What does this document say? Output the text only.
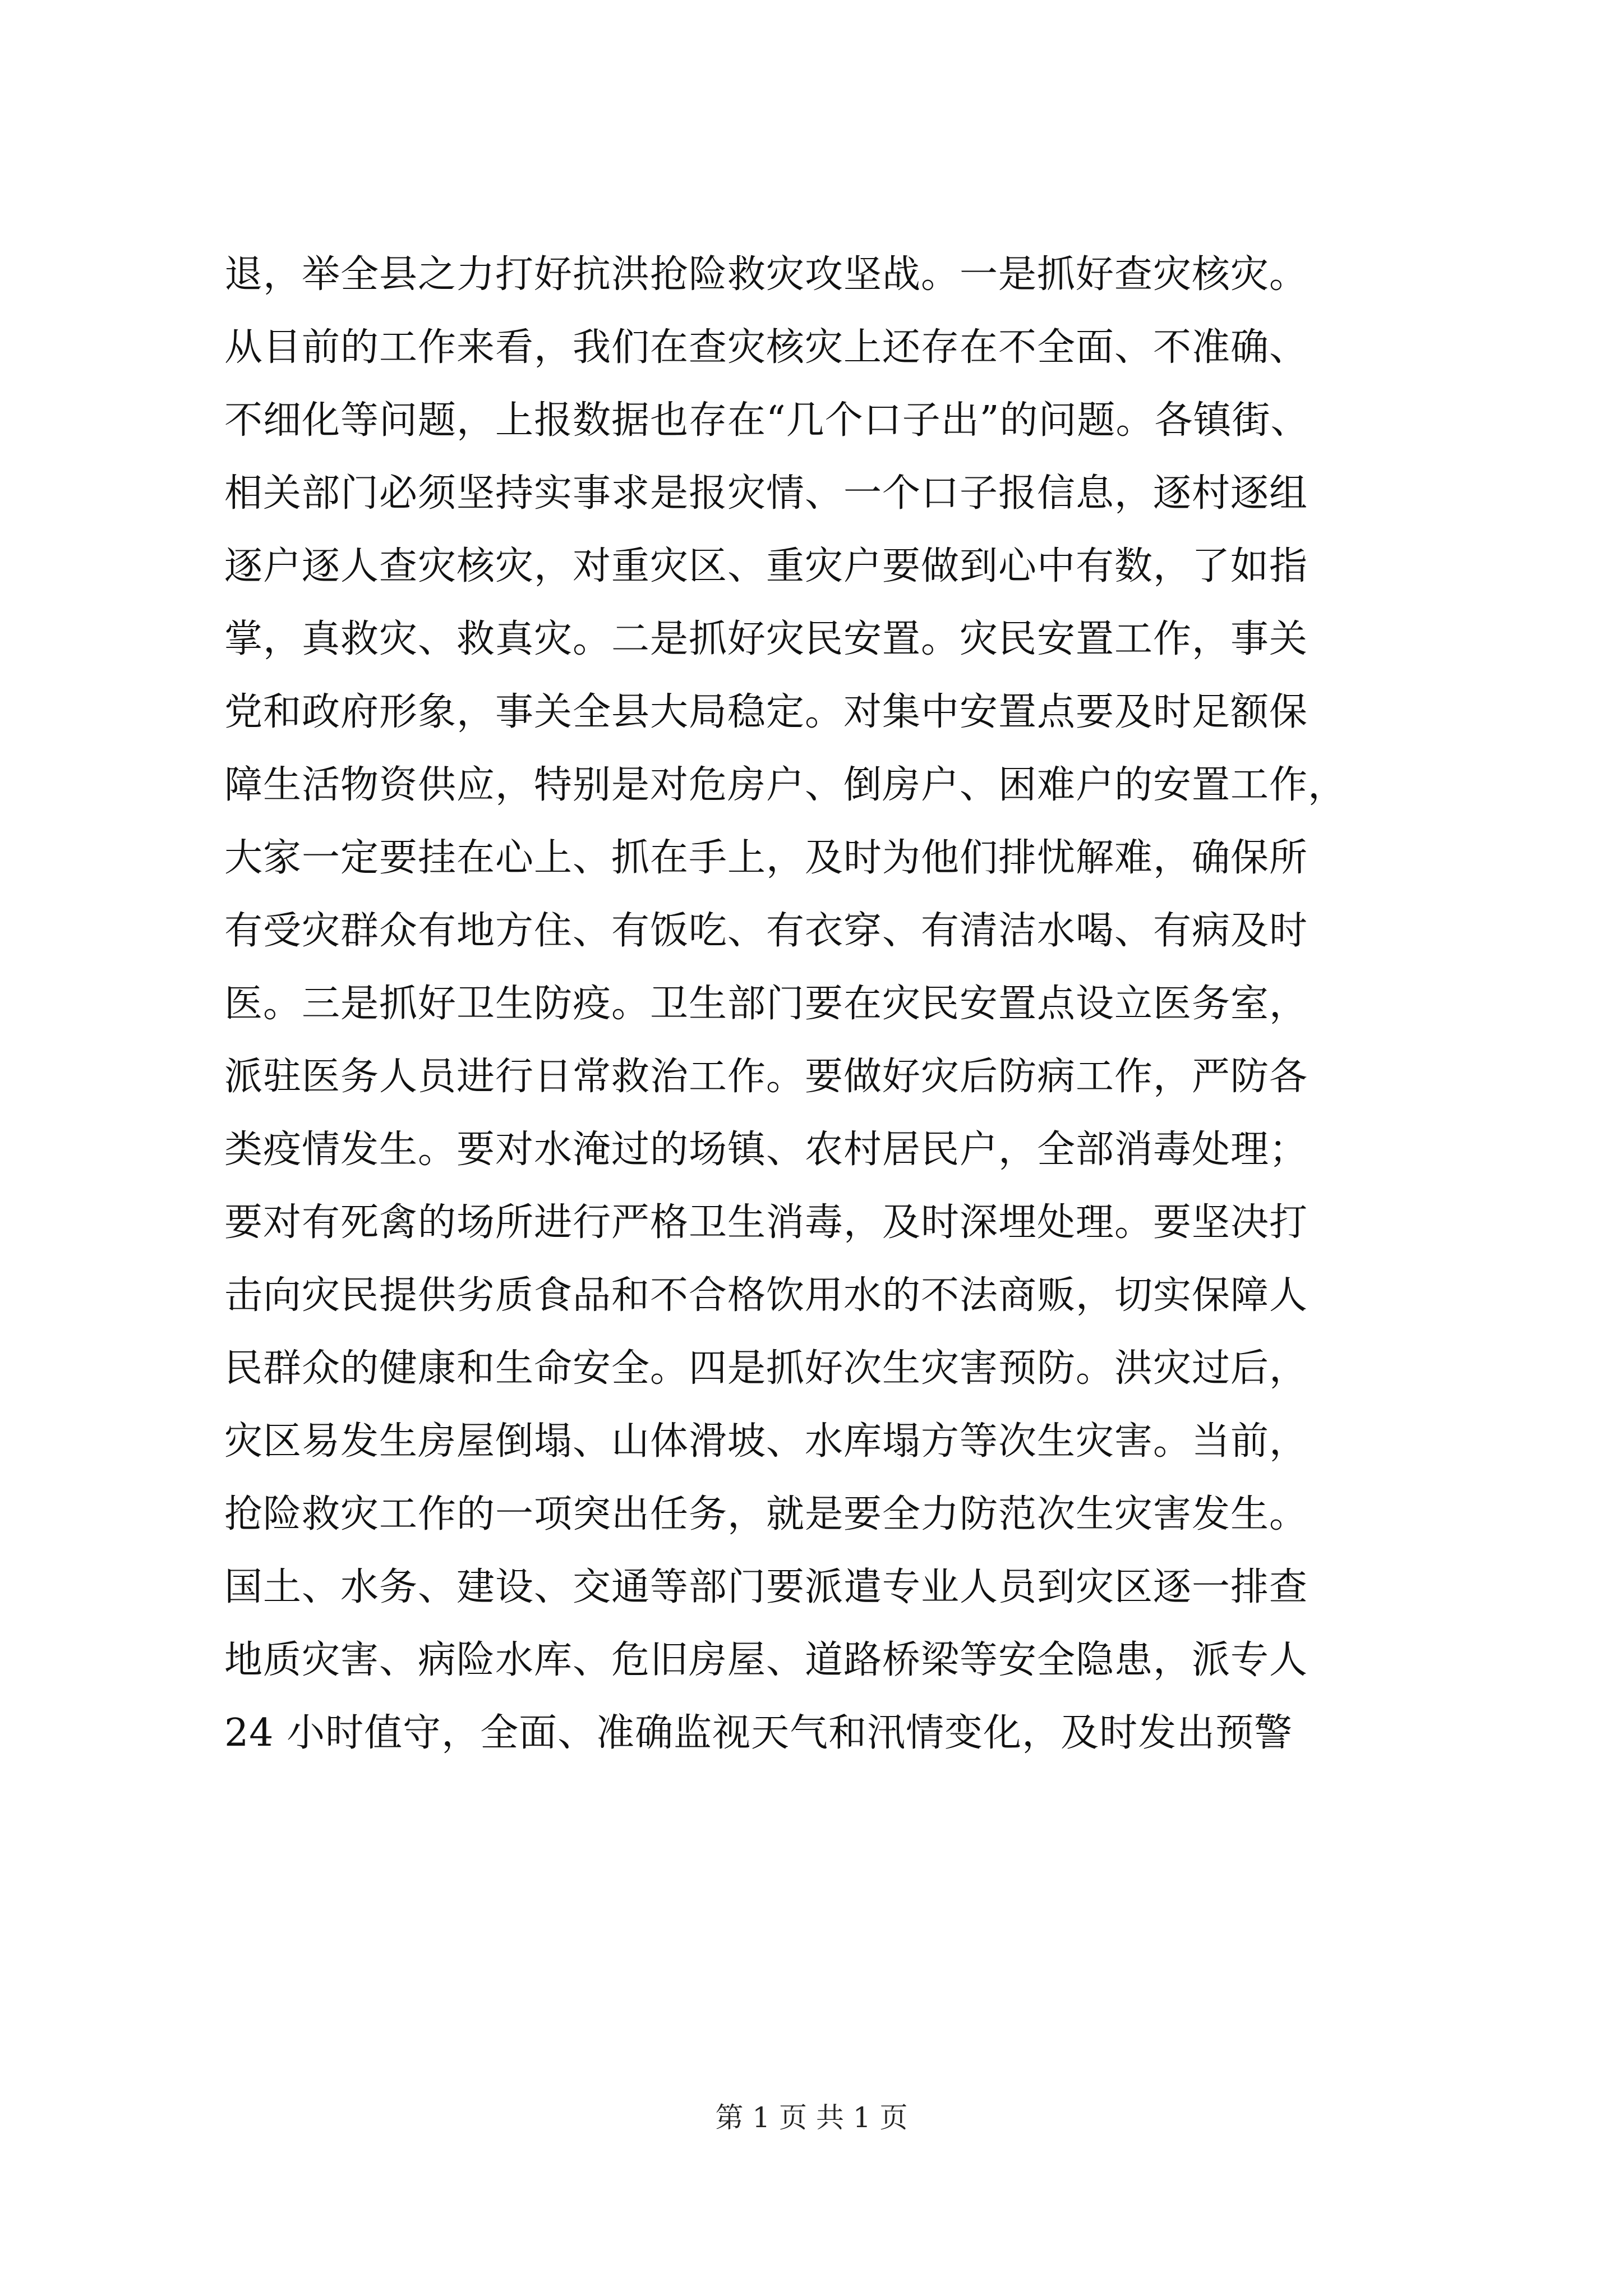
退，举全县之力打好抗洪抢险救灾攻坚战。一是抓好查灾核灾。
从目前的工作来看，我们在查灾核灾上还存在不全面、不准确、
不细化等问题，上报数据也存在“几个口子出”的问题。各镇街、
相关部门必须坚持实事求是报灾情、一个口子报信息，逐村逐组
逐户逐人查灾核灾，对重灾区、重灾户要做到心中有数，了如指
掌，真救灾、救真灾。二是抓好灾民安置。灾民安置工作，事关
党和政府形象，事关全县大局稳定。对集中安置点要及时足额保
障生活物资供应，特别是对危房户、倒房户、困难户的安置工作，
大家一定要挂在心上、抓在手上，及时为他们排忧解难，确保所
有受灾群众有地方住、有饭吃、有衣穿、有清洁水喝、有病及时
医。三是抓好卫生防疫。卫生部门要在灾民安置点设立医务室，
派驻医务人员进行日常救治工作。要做好灾后防病工作，严防各
类疫情发生。要对水淹过的场镇、农村居民户，全部消毒处理；
要对有死禽的场所进行严格卫生消毒，及时深埋处理。要坚决打
击向灾民提供劣质食品和不合格饮用水的不法商贩，切实保障人
民群众的健康和生命安全。四是抓好次生灾害预防。洪灾过后，
灾区易发生房屋倒塌、山体滑坡、水库塌方等次生灾害。当前，
抢险救灾工作的一项突出任务，就是要全力防范次生灾害发生。
国土、水务、建设、交通等部门要派遣专业人员到灾区逐一排查
地质灾害、病险水库、危旧房屋、道路桥梁等安全隐患，派专人
24 小时值守，全面、准确监视天气和汛情变化，及时发出预警
第 1 页 共 1 页
